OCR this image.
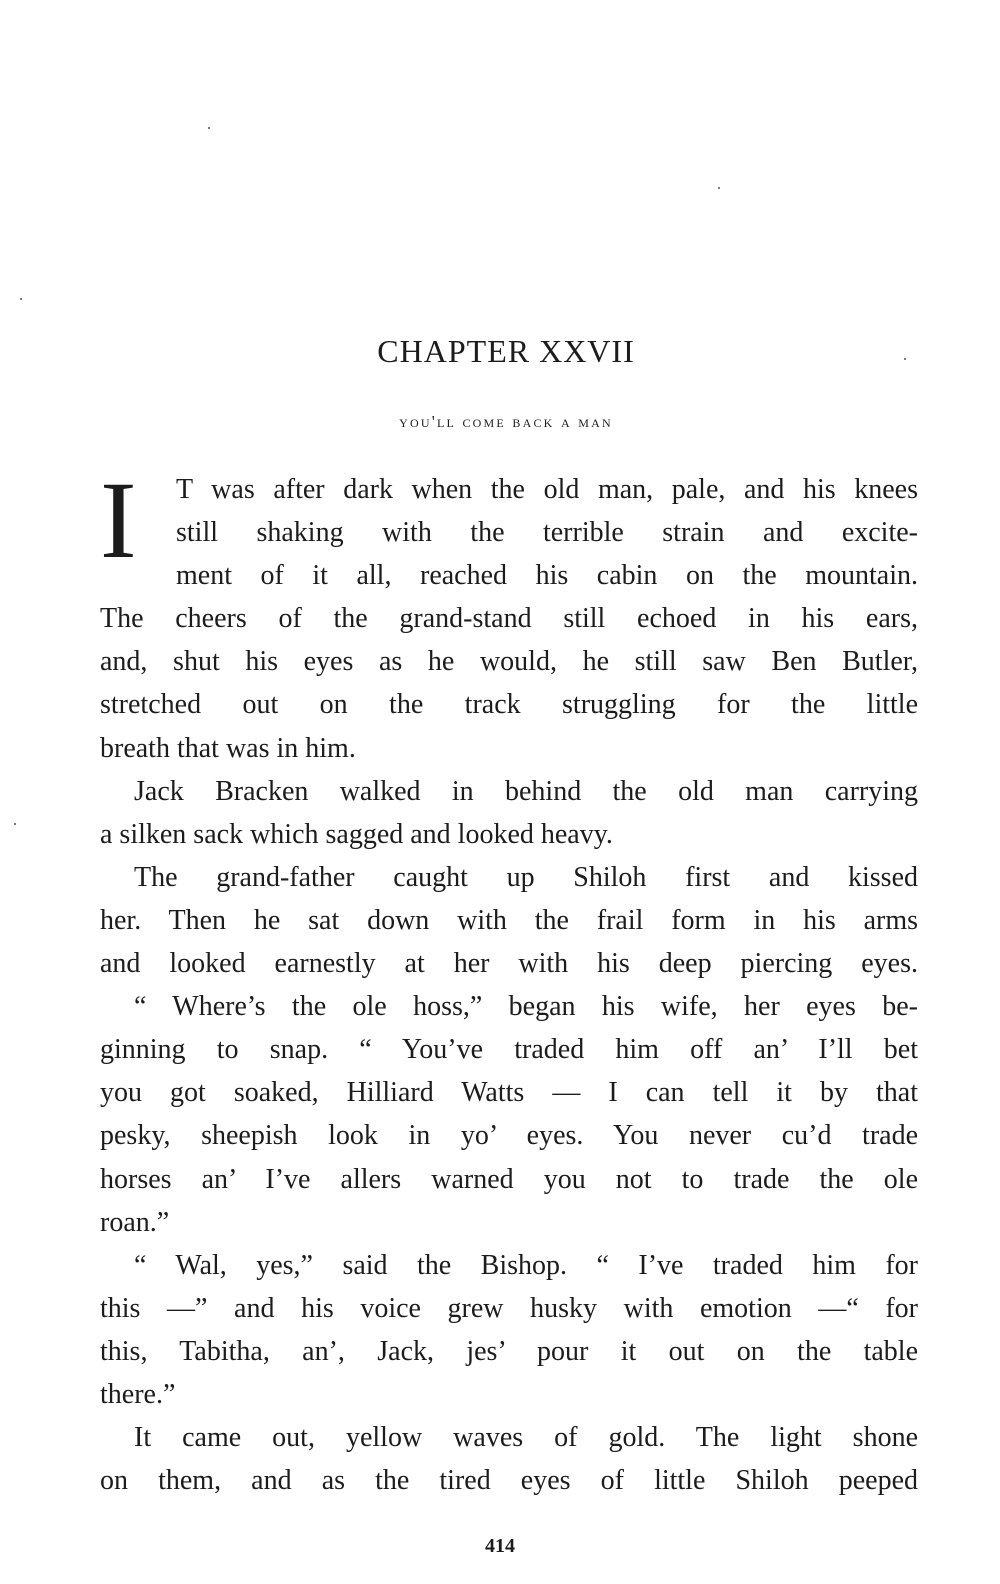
CHAPTER XXVII
you'll come back a man
I	T was after dark when the old man, pale, and his knees
still shaking with the terrible strain and excite-
ment of it all, reached his cabin on the mountain.
The cheers of the grand-stand still echoed in his ears,
and, shut his eyes as he would, he still saw Ben Butler,
stretched out on the track struggling for the little
breath that was in him.
Jack Bracken walked in behind the old man carrying
a silken sack which sagged and looked heavy.
The grand-father caught up Shiloh first and kissed
her. Then he sat down with the frail form in his arms
and looked earnestly at her with his deep piercing eyes.
“ Where’s the ole hoss,” began his wife, her eyes be-
ginning to snap. “ You’ve traded him off an’ I’ll bet
you got soaked, Hilliard Watts — I can tell it by that
pesky, sheepish look in yo’ eyes. You never cu’d trade
horses an’ I’ve allers warned you not to trade the ole
roan.”
“ Wal, yes,” said the Bishop. “ I’ve traded him for
this —” and his voice grew husky with emotion —“ for
this, Tabitha, an’, Jack, jes’ pour it out on the table
there.”
It came out, yellow waves of gold. The light shone
on them, and as the tired eyes of little Shiloh peeped
414
